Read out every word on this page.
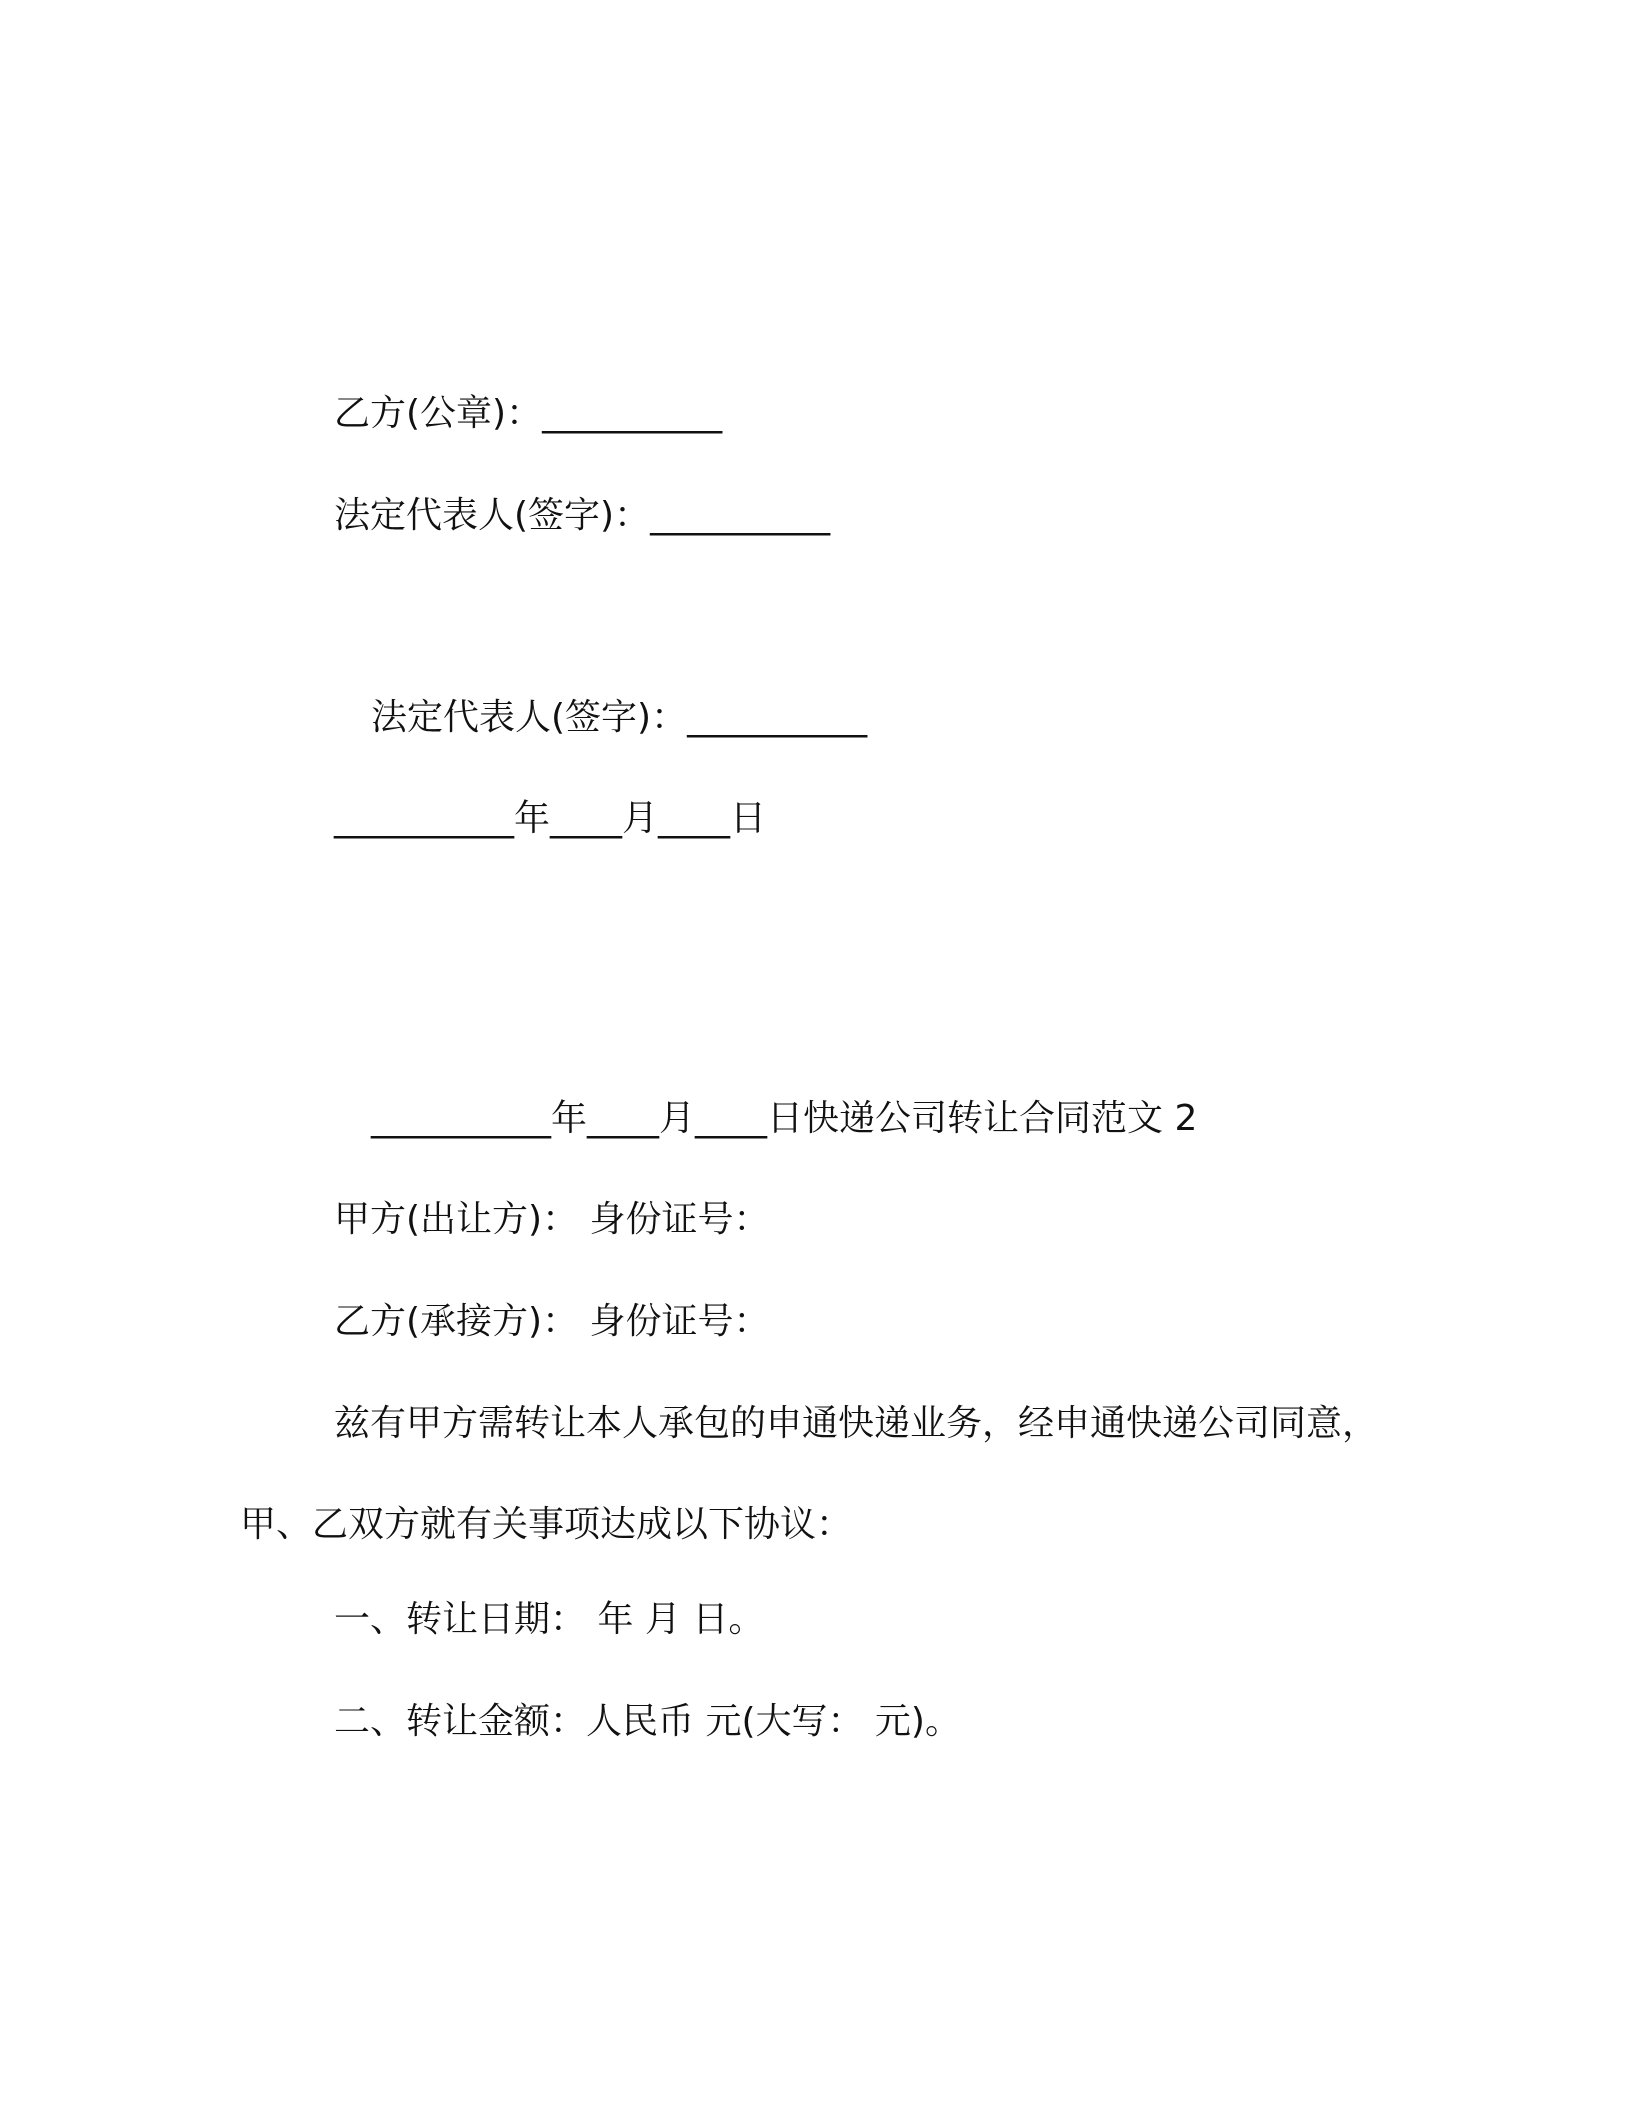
乙方(公章)：__________

法定代表人(签字)：__________

法定代表人(签字)：__________

__________年____月____日

__________年____月____日快递公司转让合同范文 2

甲方(出让方)： 身份证号：

乙方(承接方)： 身份证号：

兹有甲方需转让本人承包的申通快递业务，经申通快递公司同意，

甲、乙双方就有关事项达成以下协议：

一、转让日期： 年 月 日。

二、转让金额：人民币 元(大写： 元)。
